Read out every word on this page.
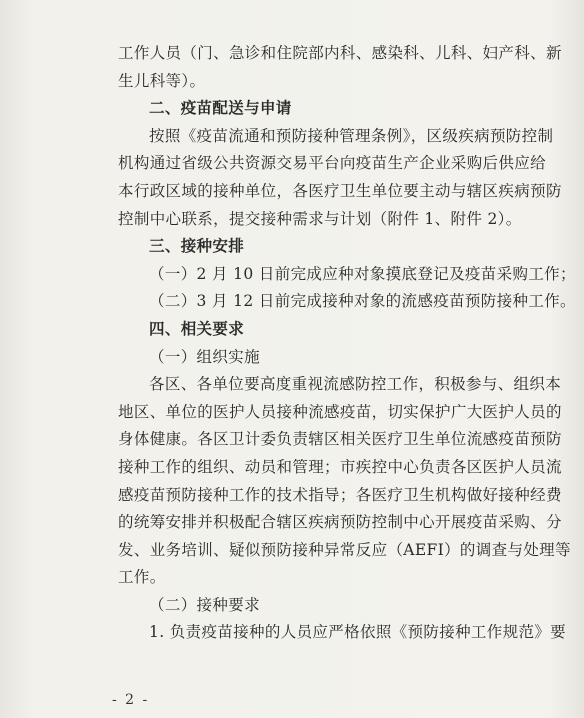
工作人员（门、急诊和住院部内科、感染科、儿科、妇产科、新
生儿科等）。
二、疫苗配送与申请
按照《疫苗流通和预防接种管理条例》，区级疾病预防控制
机构通过省级公共资源交易平台向疫苗生产企业采购后供应给
本行政区域的接种单位，各医疗卫生单位要主动与辖区疾病预防
控制中心联系，提交接种需求与计划（附件 1、附件 2）。
三、接种安排
（一）2 月 10 日前完成应种对象摸底登记及疫苗采购工作；
（二）3 月 12 日前完成接种对象的流感疫苗预防接种工作。
四、相关要求
（一）组织实施
各区、各单位要高度重视流感防控工作，积极参与、组织本
地区、单位的医护人员接种流感疫苗，切实保护广大医护人员的
身体健康。各区卫计委负责辖区相关医疗卫生单位流感疫苗预防
接种工作的组织、动员和管理；市疾控中心负责各区医护人员流
感疫苗预防接种工作的技术指导；各医疗卫生机构做好接种经费
的统筹安排并积极配合辖区疾病预防控制中心开展疫苗采购、分
发、业务培训、疑似预防接种异常反应（AEFI）的调查与处理等
工作。
（二）接种要求
1. 负责疫苗接种的人员应严格依照《预防接种工作规范》要
- 2 -
